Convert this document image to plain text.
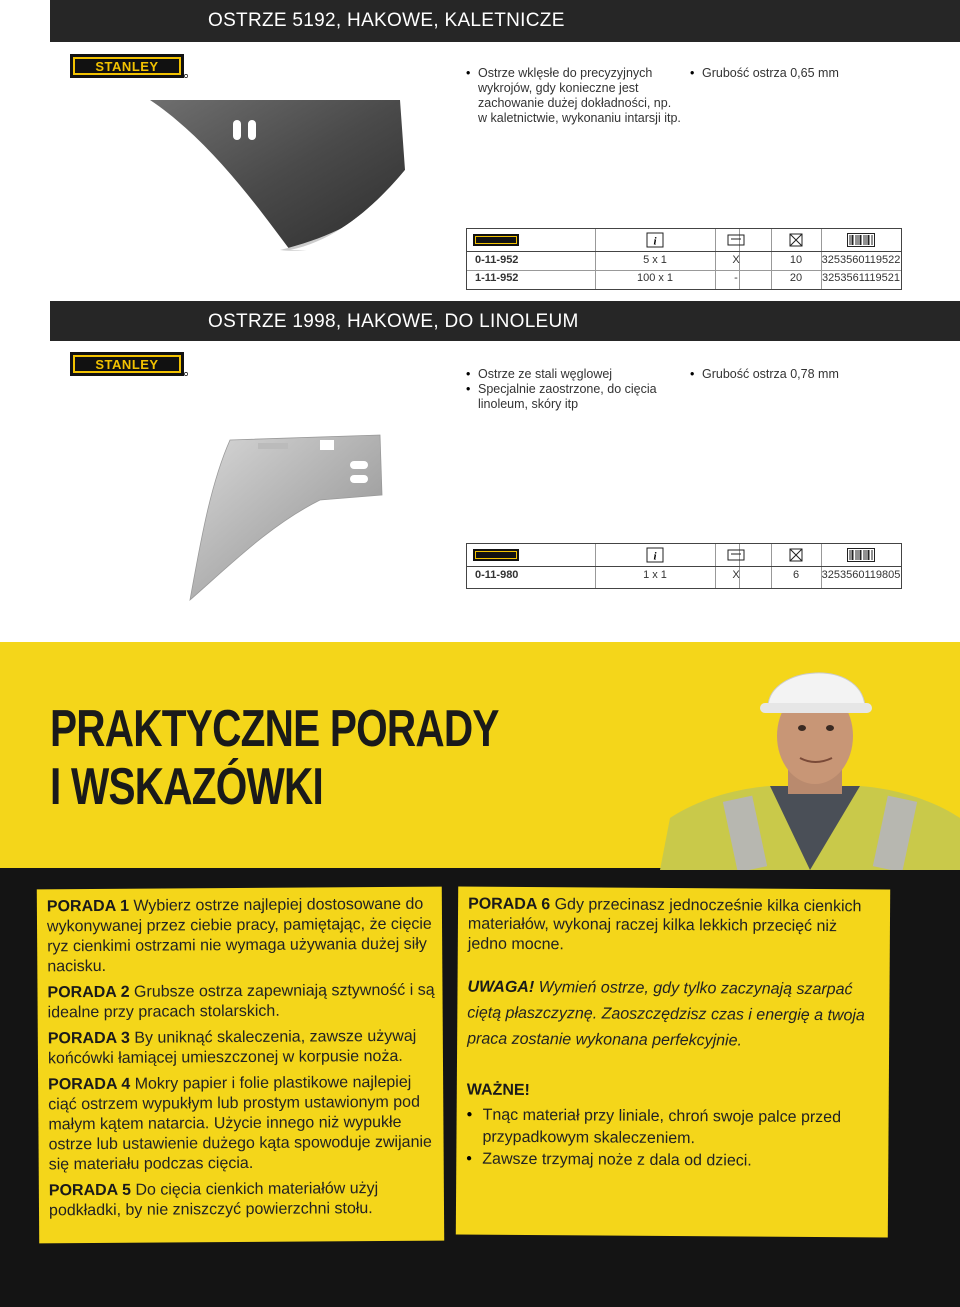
OSTRZE 5192, HAKOWE, KALETNICZE
STANLEY
•	Ostrze wklęsłe do precyzyjnych wykrojów, gdy konieczne jest zachowanie dużej dokładności, np. w kaletnictwie, wykonaniu intarsji itp.
• Grubość ostrza 0,65 mm
i
0-11-952	5 x 1	X	10	3253560119522
1-11-952	100 x 1	-	20	3253561119521
OSTRZE 1998, HAKOWE, DO LINOLEUM
STANLEY
• Ostrze ze stali węglowej
• Specjalnie zaostrzone, do cięcia linoleum, skóry itp
• Grubość ostrza 0,78 mm
i
0-11-980	1 x 1	X	6	3253560119805
PRAKTYCZNE PORADY
I WSKAZÓWKI

PORADA 1 Wybierz ostrze najlepiej dostosowane do wykonywanej przez ciebie pracy, pamiętając, że cięcie ryz cienkimi ostrzami nie wymaga używania dużej siły nacisku.

PORADA 2 Grubsze ostrza zapewniają sztywność i są idealne przy pracach stolarskich.

PORADA 3 By uniknąć skaleczenia, zawsze używaj końcówki łamiącej umieszczonej w korpusie noża.

PORADA 4 Mokry papier i folie plastikowe najlepiej ciąć ostrzem wypukłym lub prostym ustawionym pod małym kątem natarcia. Użycie innego niż wypukłe ostrze lub ustawienie dużego kąta spowoduje zwijanie się materiału podczas cięcia.

PORADA 5 Do cięcia cienkich materiałów użyj podkładki, by nie zniszczyć powierzchni stołu.

PORADA 6 Gdy przecinasz jednocześnie kilka cienkich materiałów, wykonaj raczej kilka lekkich przecięć niż jedno mocne.

UWAGA! Wymień ostrze, gdy tylko zaczynają szarpać ciętą płaszczyznę. Zaoszczędzisz czas i energię a twoja praca zostanie wykonana perfekcyjnie.

WAŻNE!

• Tnąc materiał przy liniale, chroń swoje palce przed przypadkowym skaleczeniem.
• Zawsze trzymaj noże z dala od dzieci.
